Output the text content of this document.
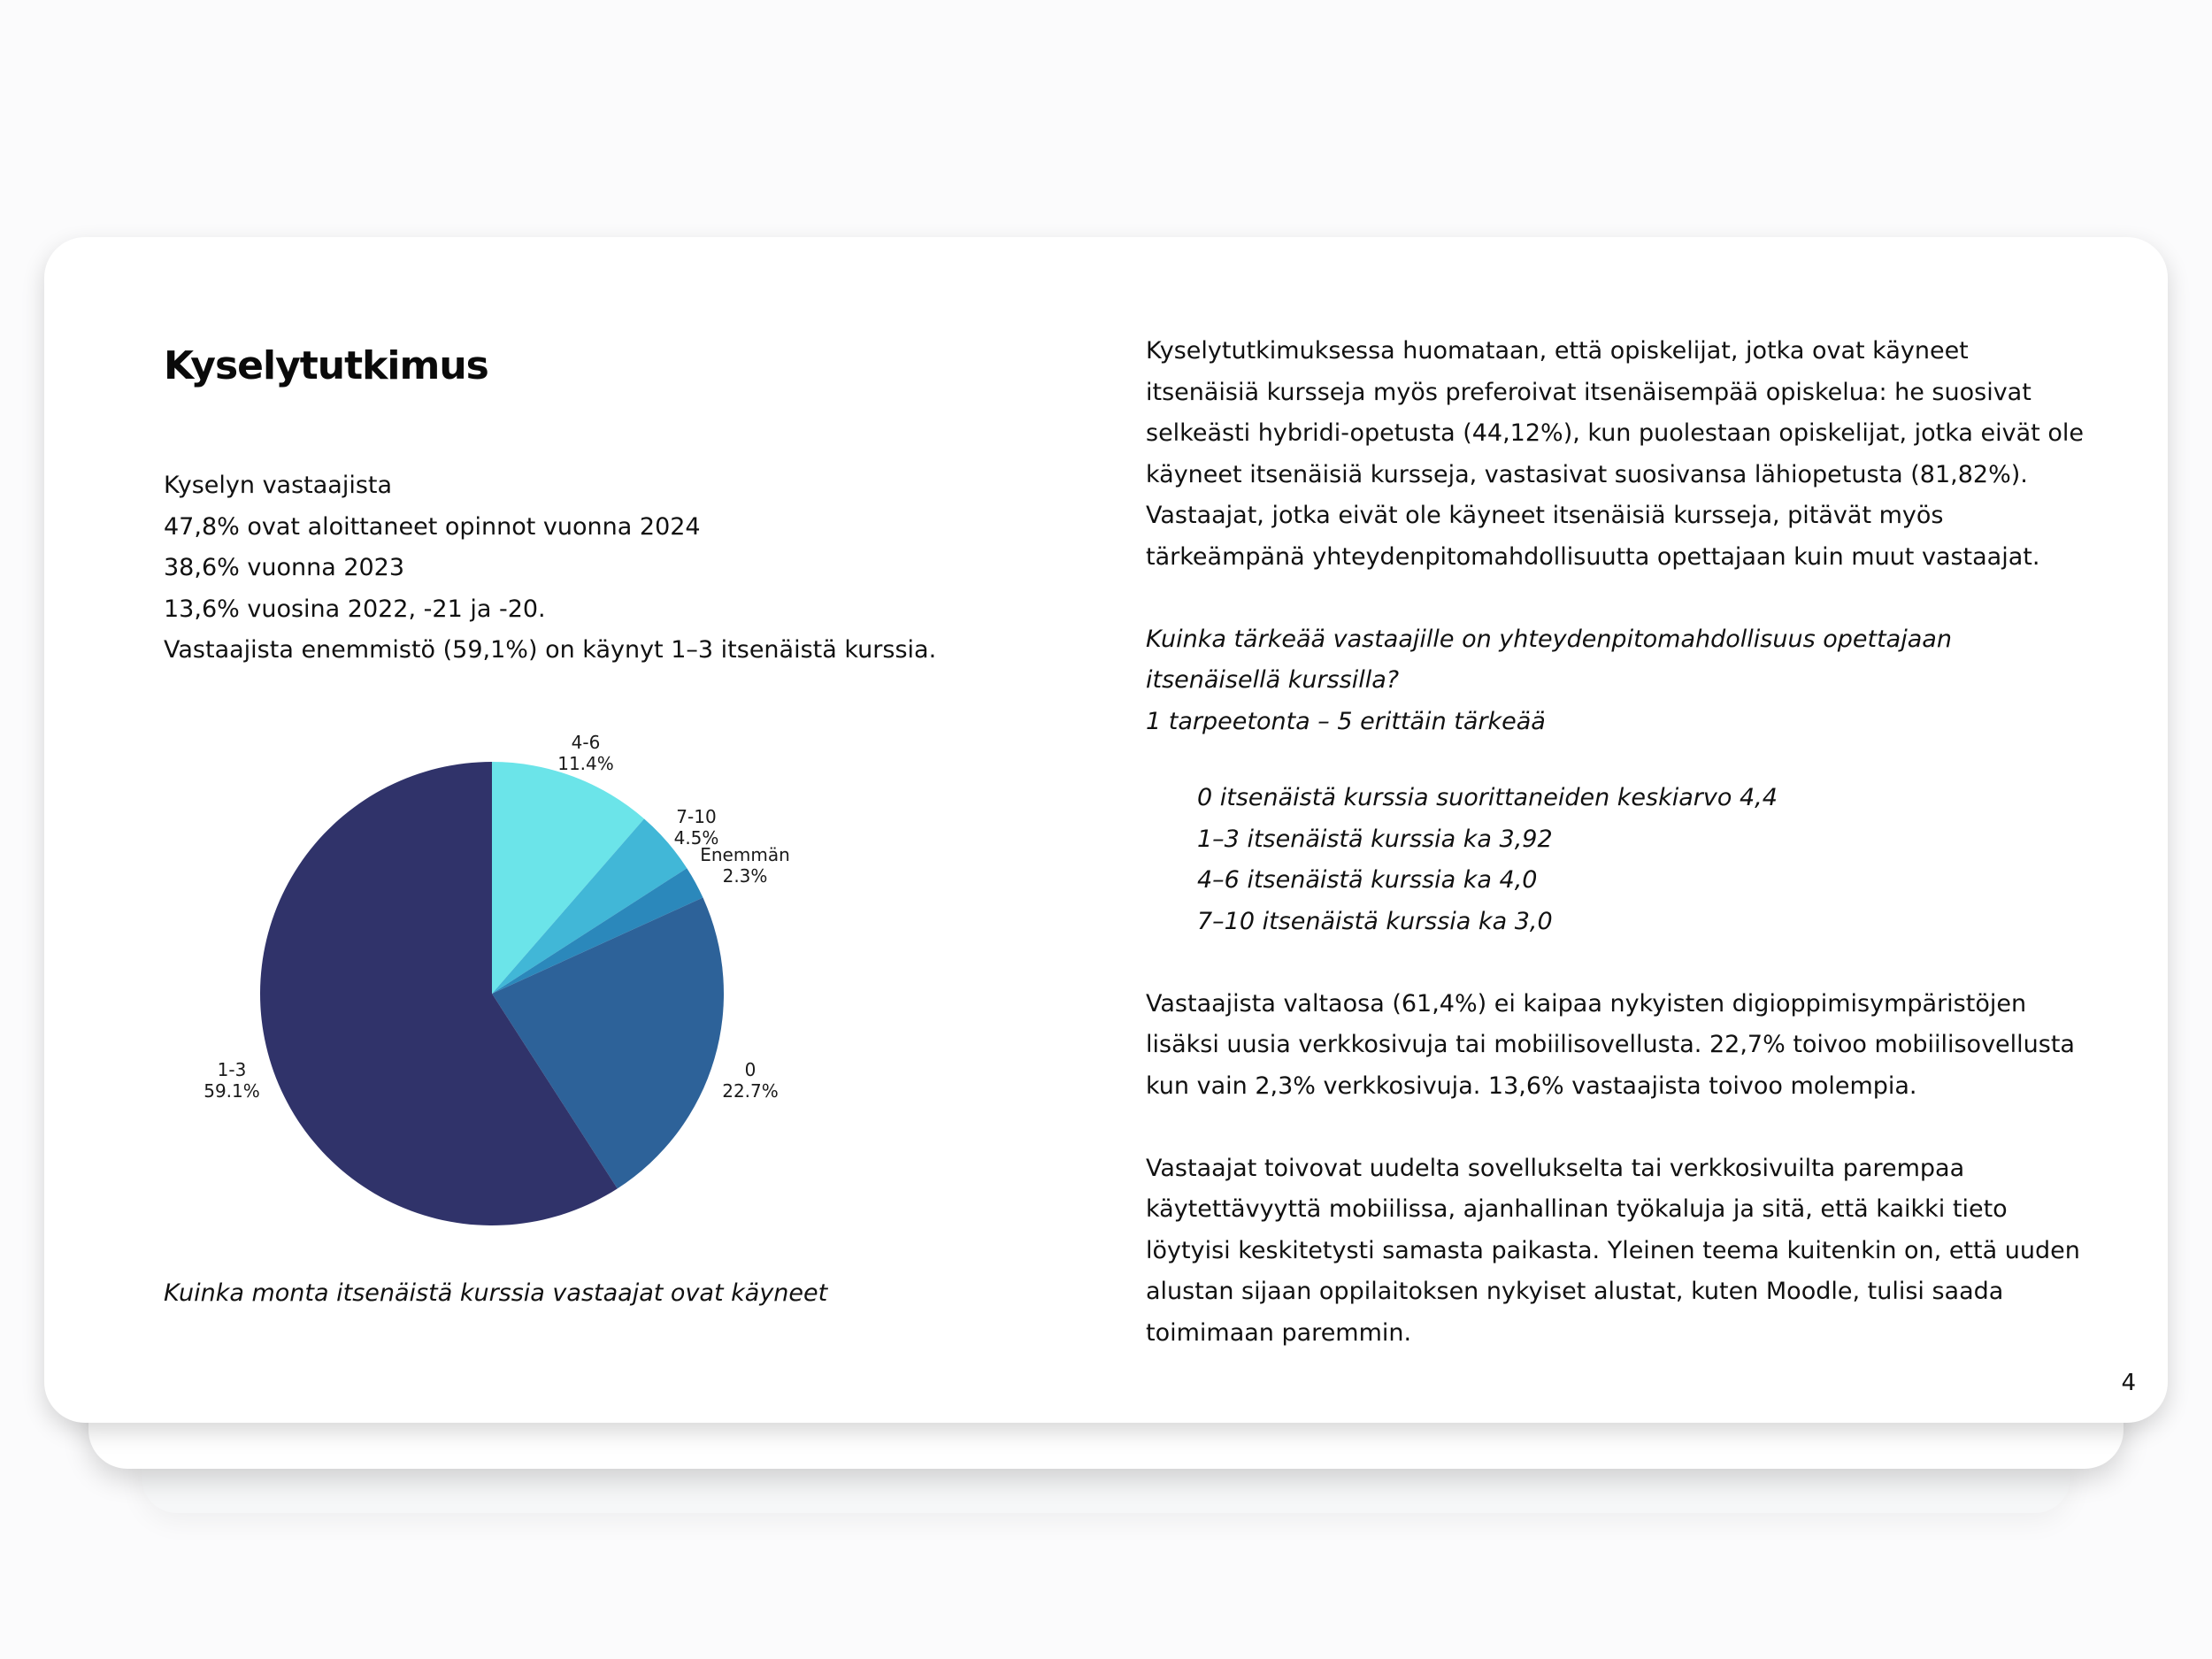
Kyselytutkimus
Kyselyn vastaajista
47,8% ovat aloittaneet opinnot vuonna 2024
38,6% vuonna 2023
13,6% vuosina 2022, -21 ja -20.
Vastaajista enemmistö (59,1%) on käynyt 1–3 itsenäistä kurssia.
4-6
11.4%
7-10
4.5%
Enemmän
2.3%
0
22.7%
1-3
59.1%
Kuinka monta itsenäistä kurssia vastaajat ovat käyneet

Kyselytutkimuksessa huomataan, että opiskelijat, jotka ovat käyneet itsenäisiä kursseja myös preferoivat itsenäisempää opiskelua: he suosivat selkeästi hybridi-opetusta (44,12%), kun puolestaan opiskelijat, jotka eivät ole käyneet itsenäisiä kursseja, vastasivat suosivansa lähiopetusta (81,82%). Vastaajat, jotka eivät ole käyneet itsenäisiä kursseja, pitävät myös tärkeämpänä yhteydenpitomahdollisuutta opettajaan kuin muut vastaajat.

Kuinka tärkeää vastaajille on yhteydenpitomahdollisuus opettajaan itsenäisellä kurssilla?

1 tarpeetonta – 5 erittäin tärkeää

0 itsenäistä kurssia suorittaneiden keskiarvo 4,4
1–3 itsenäistä kurssia ka 3,92
4–6 itsenäistä kurssia ka 4,0
7–10 itsenäistä kurssia ka 3,0

Vastaajista valtaosa (61,4%) ei kaipaa nykyisten digioppimisympäristöjen lisäksi uusia verkkosivuja tai mobiilisovellusta. 22,7% toivoo mobiilisovellusta kun vain 2,3% verkkosivuja. 13,6% vastaajista toivoo molempia.

Vastaajat toivovat uudelta sovellukselta tai verkkosivuilta parempaa käytettävyyttä mobiilissa, ajanhallinan työkaluja ja sitä, että kaikki tieto löytyisi keskitetysti samasta paikasta. Yleinen teema kuitenkin on, että uuden alustan sijaan oppilaitoksen nykyiset alustat, kuten Moodle, tulisi saada toimimaan paremmin.

4
